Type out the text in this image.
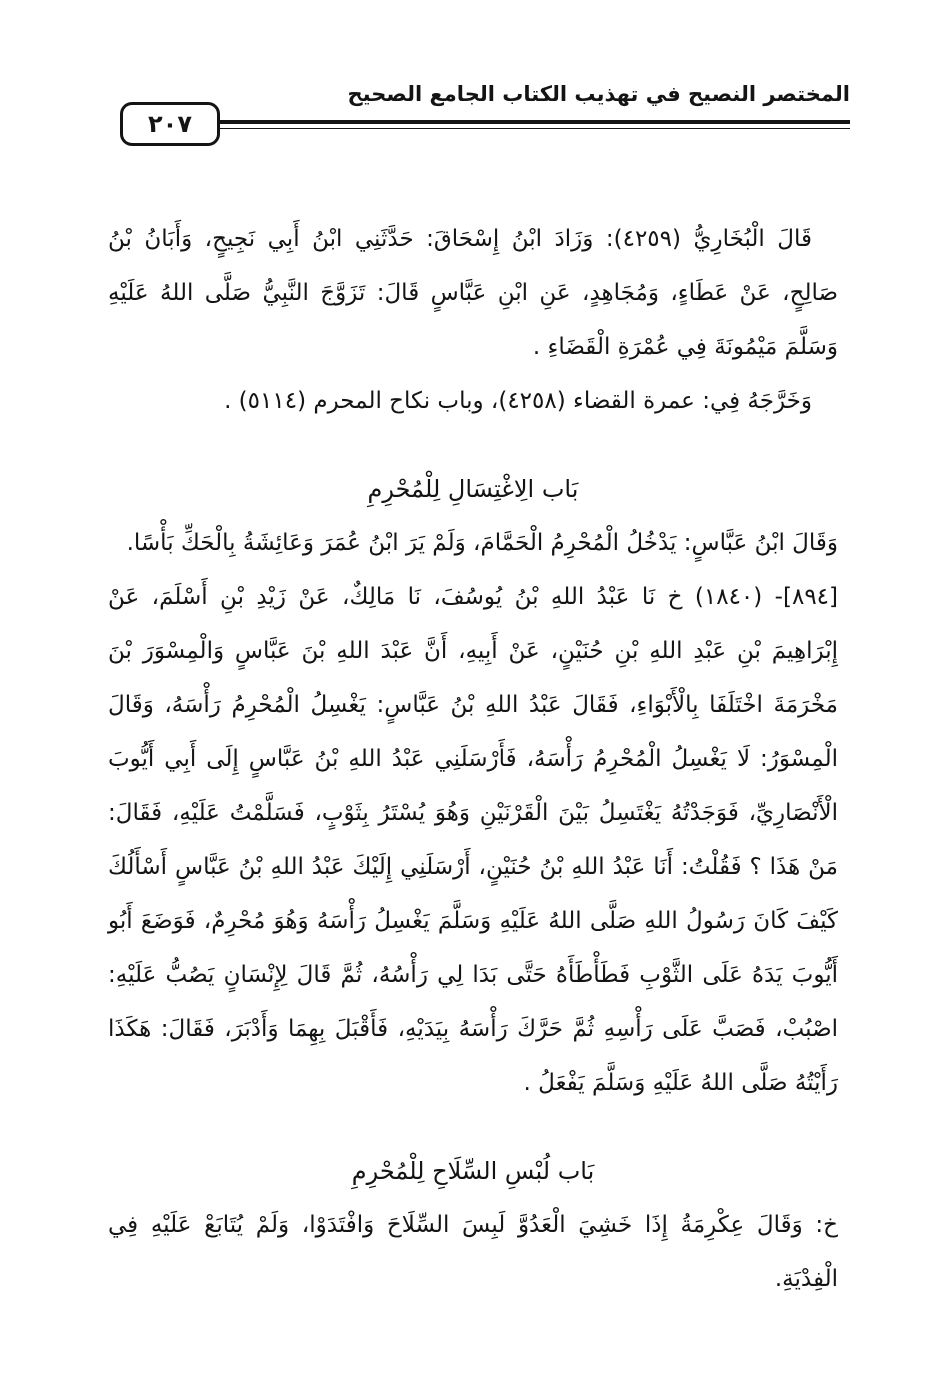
٢٠٧
المختصر النصيح في تهذيب الكتاب الجامع الصحيح

قَالَ الْبُخَارِيُّ (٤٢٥٩): وَزَادَ ابْنُ إِسْحَاقَ: حَدَّثَنِي ابْنُ أَبِي نَجِيحٍ، وَأَبَانُ بْنُ صَالِحٍ، عَنْ عَطَاءٍ، وَمُجَاهِدٍ، عَنِ ابْنِ عَبَّاسٍ قَالَ: تَزَوَّجَ النَّبِيُّ صَلَّى اللهُ عَلَيْهِ وَسَلَّمَ مَيْمُونَةَ فِي عُمْرَةِ الْقَضَاءِ .

وَخَرَّجَهُ فِي: عمرة القضاء (٤٢٥٨)، وباب نكاح المحرم (٥١١٤) .

بَاب الِاغْتِسَالِ لِلْمُحْرِمِ

وَقَالَ ابْنُ عَبَّاسٍ: يَدْخُلُ الْمُحْرِمُ الْحَمَّامَ، وَلَمْ يَرَ ابْنُ عُمَرَ وَعَائِشَةُ بِالْحَكِّ بَأْسًا.

[٨٩٤]- (١٨٤٠) خ نَا عَبْدُ اللهِ بْنُ يُوسُفَ، نَا مَالِكٌ، عَنْ زَيْدِ بْنِ أَسْلَمَ، عَنْ إِبْرَاهِيمَ بْنِ عَبْدِ اللهِ بْنِ حُنَيْنٍ، عَنْ أَبِيهِ، أَنَّ عَبْدَ اللهِ بْنَ عَبَّاسٍ وَالْمِسْوَرَ بْنَ مَخْرَمَةَ اخْتَلَفَا بِالْأَبْوَاءِ، فَقَالَ عَبْدُ اللهِ بْنُ عَبَّاسٍ: يَغْسِلُ الْمُحْرِمُ رَأْسَهُ، وَقَالَ الْمِسْوَرُ: لَا يَغْسِلُ الْمُحْرِمُ رَأْسَهُ، فَأَرْسَلَنِي عَبْدُ اللهِ بْنُ عَبَّاسٍ إِلَى أَبِي أَيُّوبَ الْأَنْصَارِيِّ، فَوَجَدْتُهُ يَغْتَسِلُ بَيْنَ الْقَرْنَيْنِ وَهُوَ يُسْتَرُ بِثَوْبٍ، فَسَلَّمْتُ عَلَيْهِ، فَقَالَ: مَنْ هَذَا ؟ فَقُلْتُ: أَنَا عَبْدُ اللهِ بْنُ حُنَيْنٍ، أَرْسَلَنِي إِلَيْكَ عَبْدُ اللهِ بْنُ عَبَّاسٍ أَسْأَلُكَ كَيْفَ كَانَ رَسُولُ اللهِ صَلَّى اللهُ عَلَيْهِ وَسَلَّمَ يَغْسِلُ رَأْسَهُ وَهُوَ مُحْرِمٌ، فَوَضَعَ أَبُو أَيُّوبَ يَدَهُ عَلَى الثَّوْبِ فَطَأْطَأَهُ حَتَّى بَدَا لِي رَأْسُهُ، ثُمَّ قَالَ لِإِنْسَانٍ يَصُبُّ عَلَيْهِ: اصْبُبْ، فَصَبَّ عَلَى رَأْسِهِ ثُمَّ حَرَّكَ رَأْسَهُ بِيَدَيْهِ، فَأَقْبَلَ بِهِمَا وَأَدْبَرَ، فَقَالَ: هَكَذَا رَأَيْتُهُ صَلَّى اللهُ عَلَيْهِ وَسَلَّمَ يَفْعَلُ .

بَاب لُبْسِ السِّلَاحِ لِلْمُحْرِمِ

خ: وَقَالَ عِكْرِمَةُ إِذَا خَشِيَ الْعَدُوَّ لَبِسَ السِّلَاحَ وَافْتَدَوْا، وَلَمْ يُتَابَعْ عَلَيْهِ فِي الْفِدْيَةِ.
